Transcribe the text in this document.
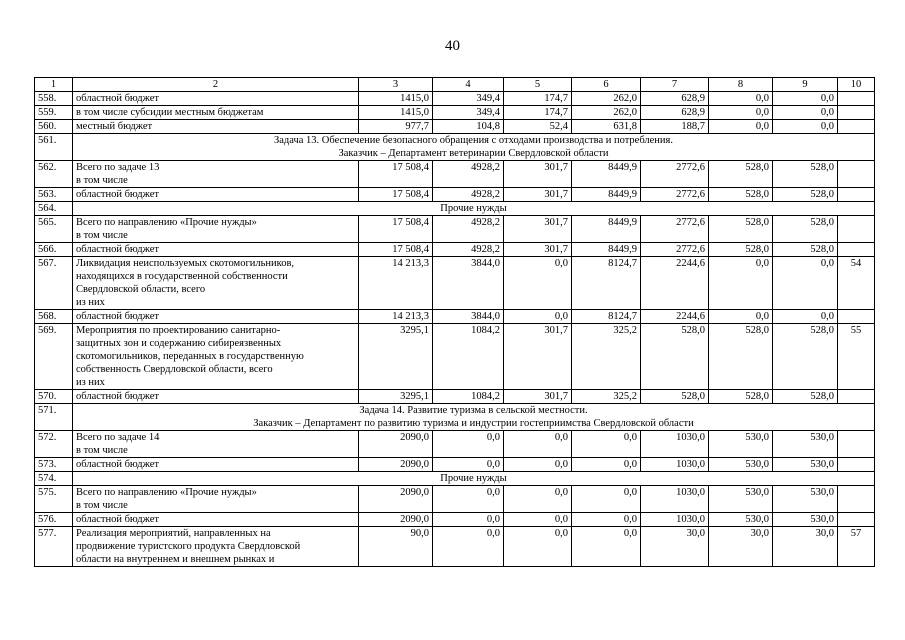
40
1	2	3	4	5	6	7	8	9	10
558.	областной бюджет	1415,0	349,4	174,7	262,0	628,9	0,0	0,0	
559.	в том числе субсидии местным бюджетам	1415,0	349,4	174,7	262,0	628,9	0,0	0,0	
560.	местный бюджет	977,7	104,8	52,4	631,8	188,7	0,0	0,0	
561.	Задача 13. Обеспечение безопасного обращения с отходами производства и потребления.
Заказчик – Департамент ветеринарии Свердловской области								

562.	Всего по задаче 13
в том числе	17 508,4	4928,2	301,7	8449,9	2772,6	528,0	528,0	
563.	областной бюджет	17 508,4	4928,2	301,7	8449,9	2772,6	528,0	528,0	
564.	Прочие нужды								

565.	Всего по направлению «Прочие нужды»
в том числе	17 508,4	4928,2	301,7	8449,9	2772,6	528,0	528,0	
566.	областной бюджет	17 508,4	4928,2	301,7	8449,9	2772,6	528,0	528,0	
567.	Ликвидация неиспользуемых скотомогильников,
находящихся в государственной собственности
Свердловской области, всего
из них	14 213,3	3844,0	0,0	8124,7	2244,6	0,0	0,0	54
568.	областной бюджет	14 213,3	3844,0	0,0	8124,7	2244,6	0,0	0,0	
569.	Мероприятия по проектированию санитарно-
защитных зон и содержанию сибиреязвенных
скотомогильников, переданных в государственную
собственность Свердловской области, всего
из них	3295,1	1084,2	301,7	325,2	528,0	528,0	528,0	55
570.	областной бюджет	3295,1	1084,2	301,7	325,2	528,0	528,0	528,0	
571.	Задача 14. Развитие туризма в сельской местности.
Заказчик – Департамент по развитию туризма и индустрии гостеприимства Свердловской области								

572.	Всего по задаче 14
в том числе	2090,0	0,0	0,0	0,0	1030,0	530,0	530,0	
573.	областной бюджет	2090,0	0,0	0,0	0,0	1030,0	530,0	530,0	
574.	Прочие нужды								

575.	Всего по направлению «Прочие нужды»
в том числе	2090,0	0,0	0,0	0,0	1030,0	530,0	530,0	
576.	областной бюджет	2090,0	0,0	0,0	0,0	1030,0	530,0	530,0	
577.	Реализация мероприятий, направленных на
продвижение туристского продукта Свердловской
области на внутреннем и внешнем рынках и	90,0	0,0	0,0	0,0	30,0	30,0	30,0	57
